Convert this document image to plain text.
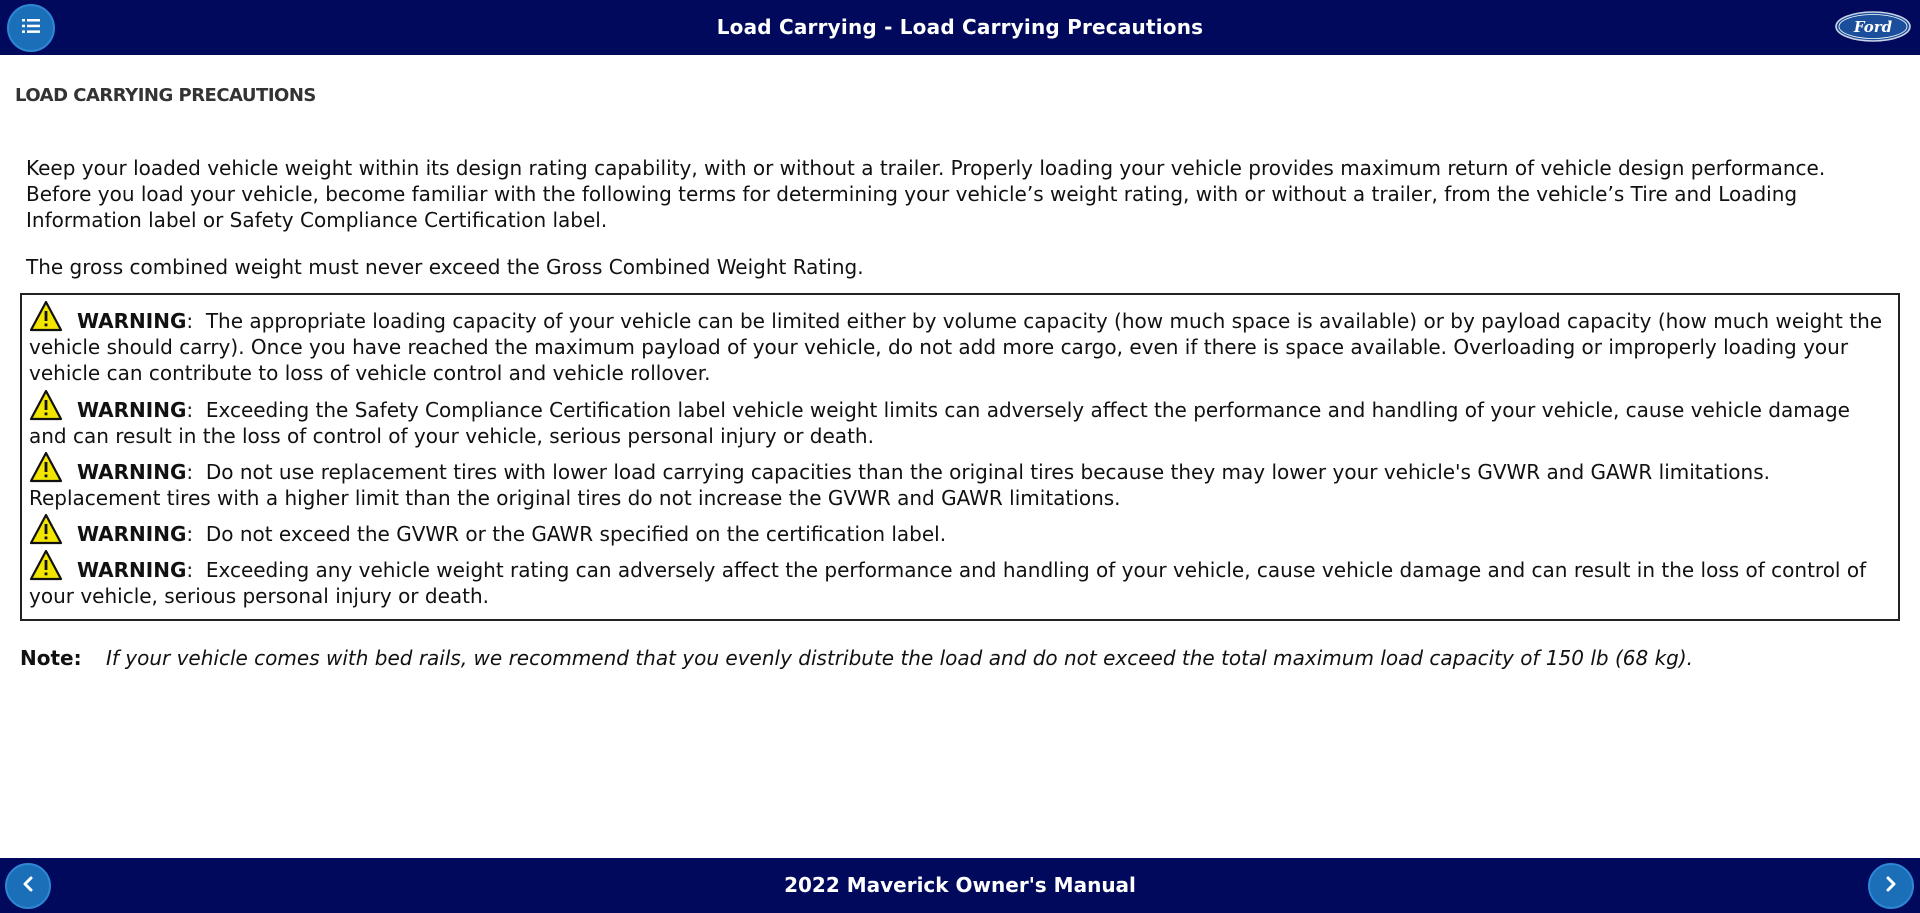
Load Carrying - Load Carrying Precautions	Ford
LOAD CARRYING PRECAUTIONS
Keep your loaded vehicle weight within its design rating capability, with or without a trailer. Properly loading your vehicle provides maximum return of vehicle design performance. Before you load your vehicle, become familiar with the following terms for determining your vehicle’s weight rating, with or without a trailer, from the vehicle’s Tire and Loading Information label or Safety Compliance Certification label.
The gross combined weight must never exceed the Gross Combined Weight Rating.
WARNING:  The appropriate loading capacity of your vehicle can be limited either by volume capacity (how much space is available) or by payload capacity (how much weight the vehicle should carry). Once you have reached the maximum payload of your vehicle, do not add more cargo, even if there is space available. Overloading or improperly loading your vehicle can contribute to loss of vehicle control and vehicle rollover.
WARNING:  Exceeding the Safety Compliance Certification label vehicle weight limits can adversely affect the performance and handling of your vehicle, cause vehicle damage and can result in the loss of control of your vehicle, serious personal injury or death.
WARNING:  Do not use replacement tires with lower load carrying capacities than the original tires because they may lower your vehicle's GVWR and GAWR limitations. Replacement tires with a higher limit than the original tires do not increase the GVWR and GAWR limitations.
WARNING:  Do not exceed the GVWR or the GAWR specified on the certification label.
WARNING:  Exceeding any vehicle weight rating can adversely affect the performance and handling of your vehicle, cause vehicle damage and can result in the loss of control of your vehicle, serious personal injury or death.
Note: If your vehicle comes with bed rails, we recommend that you evenly distribute the load and do not exceed the total maximum load capacity of 150 lb (68 kg).
2022 Maverick Owner's Manual
